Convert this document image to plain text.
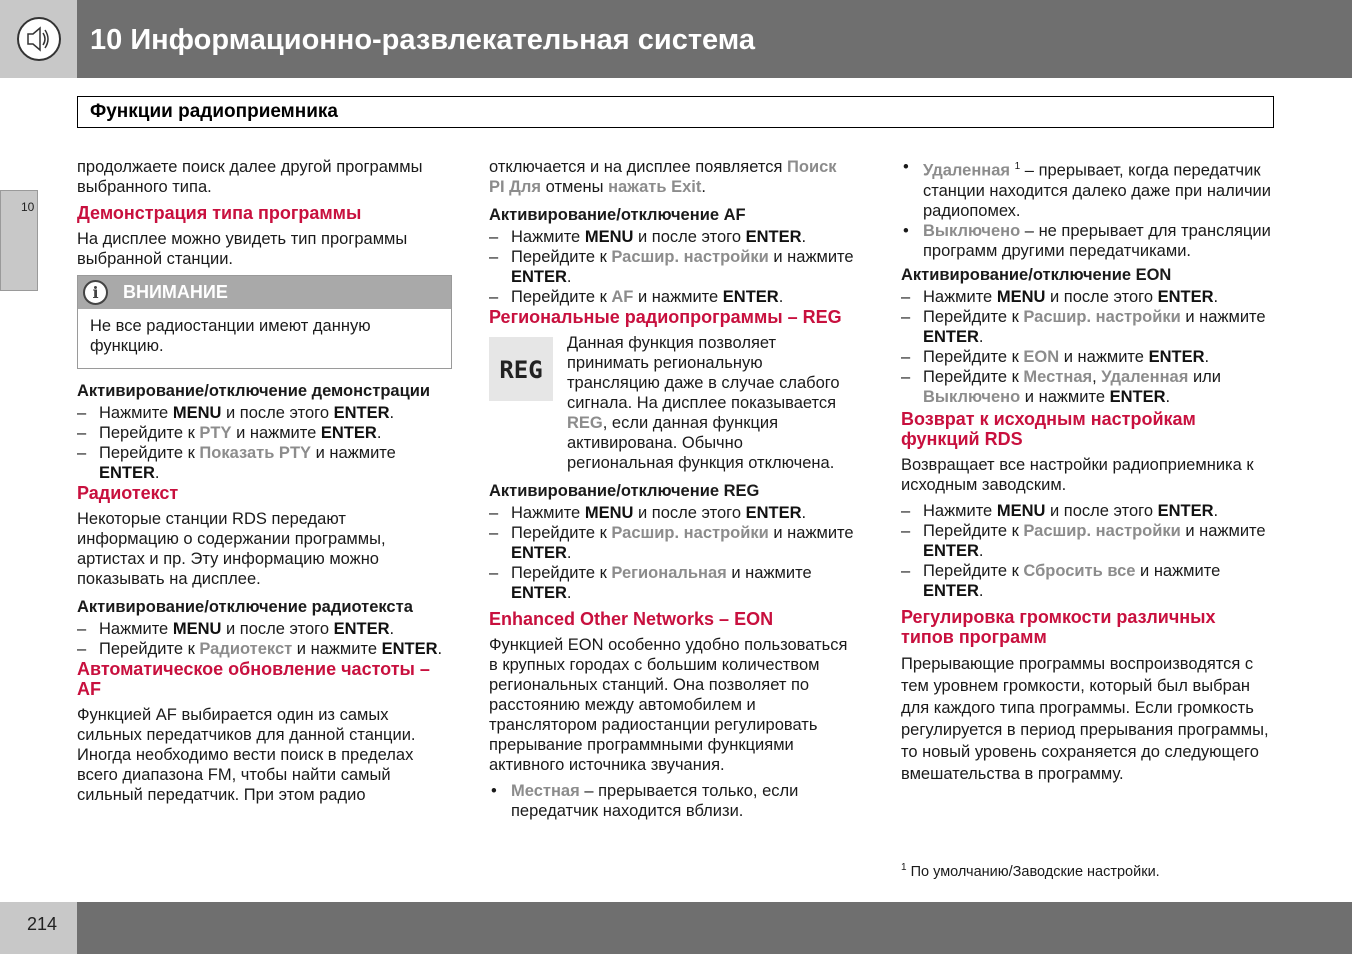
10 Информационно-развлекательная система
Функции радиоприемника
10

продолжаете поиск далее другой программы выбранного типа.

Демонстрация типа программы

На дисплее можно увидеть тип программы выбранной станции.

i	ВНИМАНИЕ
Не все радиостанции имеют данную функцию.
Активирование/отключение демонстрации
– Нажмите MENU и после этого ENTER.
– Перейдите к PTY и нажмите ENTER.
– Перейдите к Показать PTY и нажмите ENTER.
Радиотекст

Некоторые станции RDS передают информацию о содержании программы, артистах и пр. Эту информацию можно показывать на дисплее.

Активирование/отключение радиотекста
– Нажмите MENU и после этого ENTER.
– Перейдите к Радиотекст и нажмите ENTER.
Автоматическое обновление частоты – AF

Функцией AF выбирается один из самых сильных передатчиков для данной станции. Иногда необходимо вести поиск в пределах всего диапазона FM, чтобы найти самый сильный передатчик. При этом радио

отключается и на дисплее появляется Поиск PI Для отмены нажать Exit.

Активирование/отключение AF
– Нажмите MENU и после этого ENTER.
– Перейдите к Расшир. настройки и нажмите ENTER.
– Перейдите к AF и нажмите ENTER.
Региональные радиопрограммы – REG
REG

Данная функция позволяет принимать региональную трансляцию даже в случае слабого сигнала. На дисплее показывается REG, если данная функция активирована. Обычно региональная функция отключена.

Активирование/отключение REG
– Нажмите MENU и после этого ENTER.
– Перейдите к Расшир. настройки и нажмите ENTER.
– Перейдите к Региональная и нажмите ENTER.
Enhanced Other Networks – EON

Функцией EON особенно удобно пользоваться в крупных городах с большим количеством региональных станций. Она позволяет по расстоянию между автомобилем и транслятором радиостанции регулировать прерывание программными функциями активного источника звучания.

• Местная – прерывается только, если передатчик находится вблизи.
• Удаленная $^1$ – прерывает, когда передатчик станции находится далеко даже при наличии радиопомех.
• Выключено – не прерывает для трансляции программ другими передатчиками.
Активирование/отключение EON
– Нажмите MENU и после этого ENTER.
– Перейдите к Расшир. настройки и нажмите ENTER.
– Перейдите к EON и нажмите ENTER.
– Перейдите к Местная, Удаленная или Выключено и нажмите ENTER.
Возврат к исходным настройкам функций RDS

Возвращает все настройки радиоприемника к исходным заводским.

– Нажмите MENU и после этого ENTER.
– Перейдите к Расшир. настройки и нажмите ENTER.
– Перейдите к Сбросить все и нажмите ENTER.
Регулировка громкости различных типов программ

Прерывающие программы воспроизводятся с тем уровнем громкости, который был выбран для каждого типа программы. Если громкость регулируется в период прерывания программы, то новый уровень сохраняется до следующего вмешательства в программу.

$^1$ По умолчанию/Заводские настройки.
214
